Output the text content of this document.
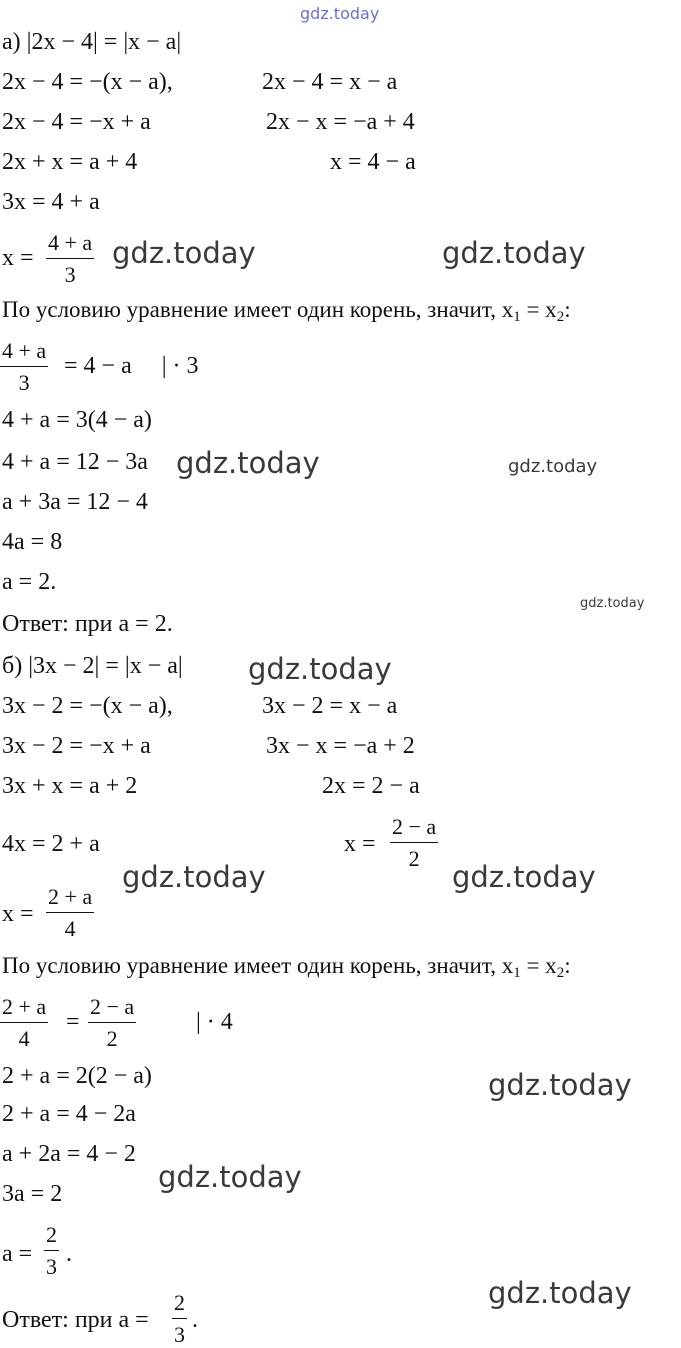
gdz.today
а) |2x − 4| = |x − a|
2x − 4 = −(x − a),	2x − 4 = x − a
2x − 4 = −x + a	2x − x = −a + 4
2x + x = a + 4	x = 4 − a
3x = 4 + a
x =
4 + a
3
gdz.today	gdz.today
По условию уравнение имеет один корень, значит, $x_1 = x_2$:
4 + a
3
= 4 − a     | · 3
4 + a = 3(4 − a)
4 + a = 12 − 3a gdz.today	gdz.today
a + 3a = 12 − 4
4a = 8
a = 2.
Ответ: при a = 2.
gdz.today
б) |3x − 2| = |x − a| gdz.today
3x − 2 = −(x − a),	3x − 2 = x − a
3x − 2 = −x + a	3x − x = −a + 2
3x + x = a + 2	2x = 2 − a
4x = 2 + a	x =
2 − a
2
x =
2 + a
4
gdz.today	gdz.today
По условию уравнение имеет один корень, значит, $x_1 = x_2$:
2 + a
4
=
2 − a
2
| · 4
2 + a = 2(2 − a)	gdz.today
2 + a = 4 − 2a
a + 2a = 4 − 2
gdz.today
3a = 2
a =
2
3 .
gdz.today
Ответ: при a =
2
3
.
